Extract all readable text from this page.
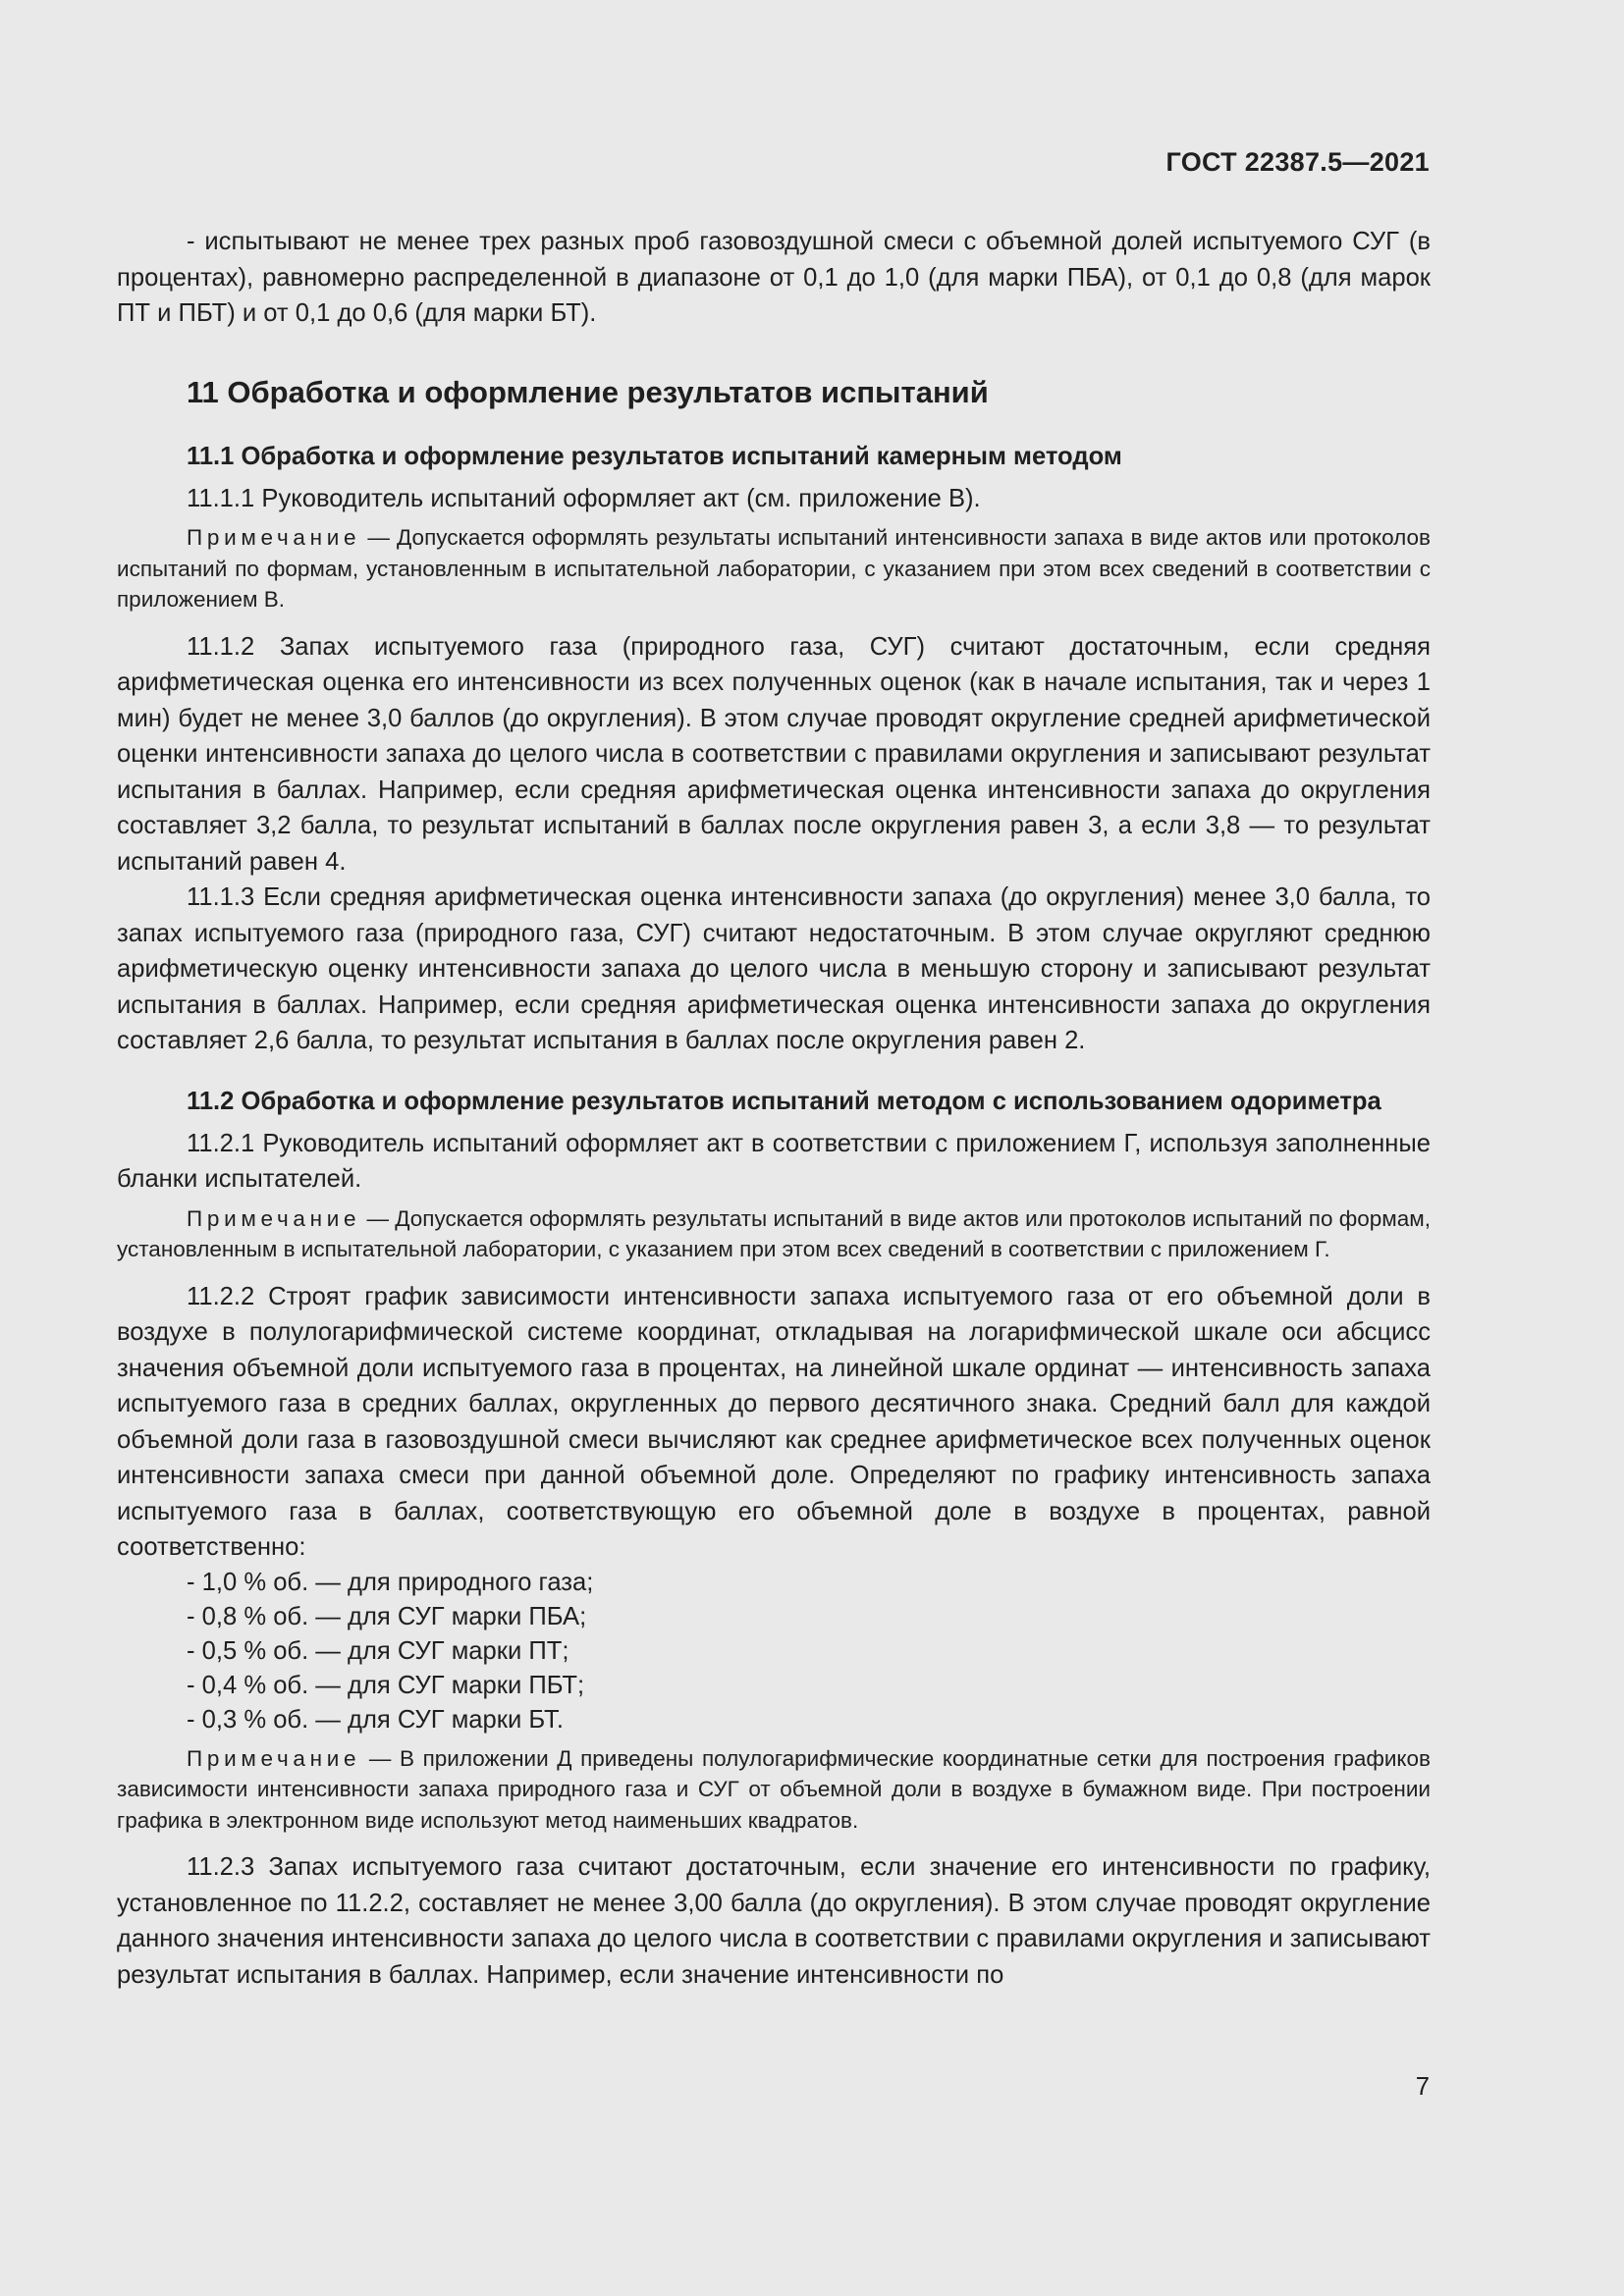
ГОСТ 22387.5—2021

- испытывают не менее трех разных проб газовоздушной смеси с объемной долей испытуемого СУГ (в процентах), равномерно распределенной в диапазоне от 0,1 до 1,0 (для марки ПБА), от 0,1 до 0,8 (для марок ПТ и ПБТ) и от 0,1 до 0,6 (для марки БТ).

11 Обработка и оформление результатов испытаний
11.1 Обработка и оформление результатов испытаний камерным методом

11.1.1 Руководитель испытаний оформляет акт (см. приложение В).

Примечание — Допускается оформлять результаты испытаний интенсивности запаха в виде актов или протоколов испытаний по формам, установленным в испытательной лаборатории, с указанием при этом всех сведений в соответствии с приложением В.

11.1.2 Запах испытуемого газа (природного газа, СУГ) считают достаточным, если средняя арифметическая оценка его интенсивности из всех полученных оценок (как в начале испытания, так и через 1 мин) будет не менее 3,0 баллов (до округления). В этом случае проводят округление средней арифметической оценки интенсивности запаха до целого числа в соответствии с правилами округления и записывают результат испытания в баллах. Например, если средняя арифметическая оценка интенсивности запаха до округления составляет 3,2 балла, то результат испытаний в баллах после округления равен 3, а если 3,8 — то результат испытаний равен 4.

11.1.3 Если средняя арифметическая оценка интенсивности запаха (до округления) менее 3,0 балла, то запах испытуемого газа (природного газа, СУГ) считают недостаточным. В этом случае округляют среднюю арифметическую оценку интенсивности запаха до целого числа в меньшую сторону и записывают результат испытания в баллах. Например, если средняя арифметическая оценка интенсивности запаха до округления составляет 2,6 балла, то результат испытания в баллах после округления равен 2.

11.2 Обработка и оформление результатов испытаний методом с использованием одориметра

11.2.1 Руководитель испытаний оформляет акт в соответствии с приложением Г, используя заполненные бланки испытателей.

Примечание — Допускается оформлять результаты испытаний в виде актов или протоколов испытаний по формам, установленным в испытательной лаборатории, с указанием при этом всех сведений в соответствии с приложением Г.

11.2.2 Строят график зависимости интенсивности запаха испытуемого газа от его объемной доли в воздухе в полулогарифмической системе координат, откладывая на логарифмической шкале оси абсцисс значения объемной доли испытуемого газа в процентах, на линейной шкале ординат — интенсивность запаха испытуемого газа в средних баллах, округленных до первого десятичного знака. Средний балл для каждой объемной доли газа в газовоздушной смеси вычисляют как среднее арифметическое всех полученных оценок интенсивности запаха смеси при данной объемной доле. Определяют по графику интенсивность запаха испытуемого газа в баллах, соответствующую его объемной доле в воздухе в процентах, равной соответственно:

- 1,0 % об. — для природного газа;
- 0,8 % об. — для СУГ марки ПБА;
- 0,5 % об. — для СУГ марки ПТ;
- 0,4 % об. — для СУГ марки ПБТ;
- 0,3 % об. — для СУГ марки БТ.

Примечание — В приложении Д приведены полулогарифмические координатные сетки для построения графиков зависимости интенсивности запаха природного газа и СУГ от объемной доли в воздухе в бумажном виде. При построении графика в электронном виде используют метод наименьших квадратов.

11.2.3 Запах испытуемого газа считают достаточным, если значение его интенсивности по графику, установленное по 11.2.2, составляет не менее 3,00 балла (до округления). В этом случае проводят округление данного значения интенсивности запаха до целого числа в соответствии с правилами округления и записывают результат испытания в баллах. Например, если значение интенсивности по

7
